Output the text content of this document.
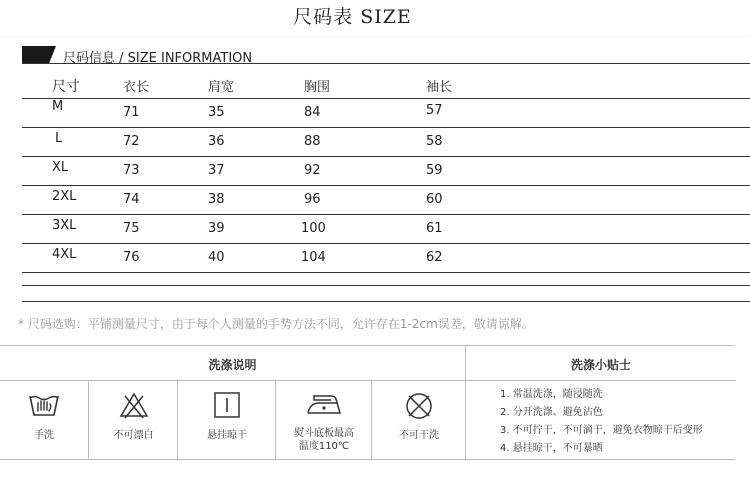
尺码表 SIZE
尺码信息 / SIZE INFORMATION
尺寸	衣长	肩宽	胸围	袖长
M	71	35	84	57
L	72	36	88	58
XL	73	37	92	59
2XL	74	38	96	60
3XL	75	39	100	61
4XL	76	40	104	62
* 尺码选购：平铺测量尺寸，由于每个人测量的手势方法不同，允许存在1-2cm误差，敬请谅解。
洗涤说明
手洗	不可漂白	悬挂晾干	熨斗底板最高
温度110℃
不可干洗
洗涤小贴士
1. 常温洗涤，随浸随洗
2. 分开洗涤、避免沾色
3. 不可拧干，不可滴干，避免衣物晾干后变形
4. 悬挂晾干，不可暴晒
